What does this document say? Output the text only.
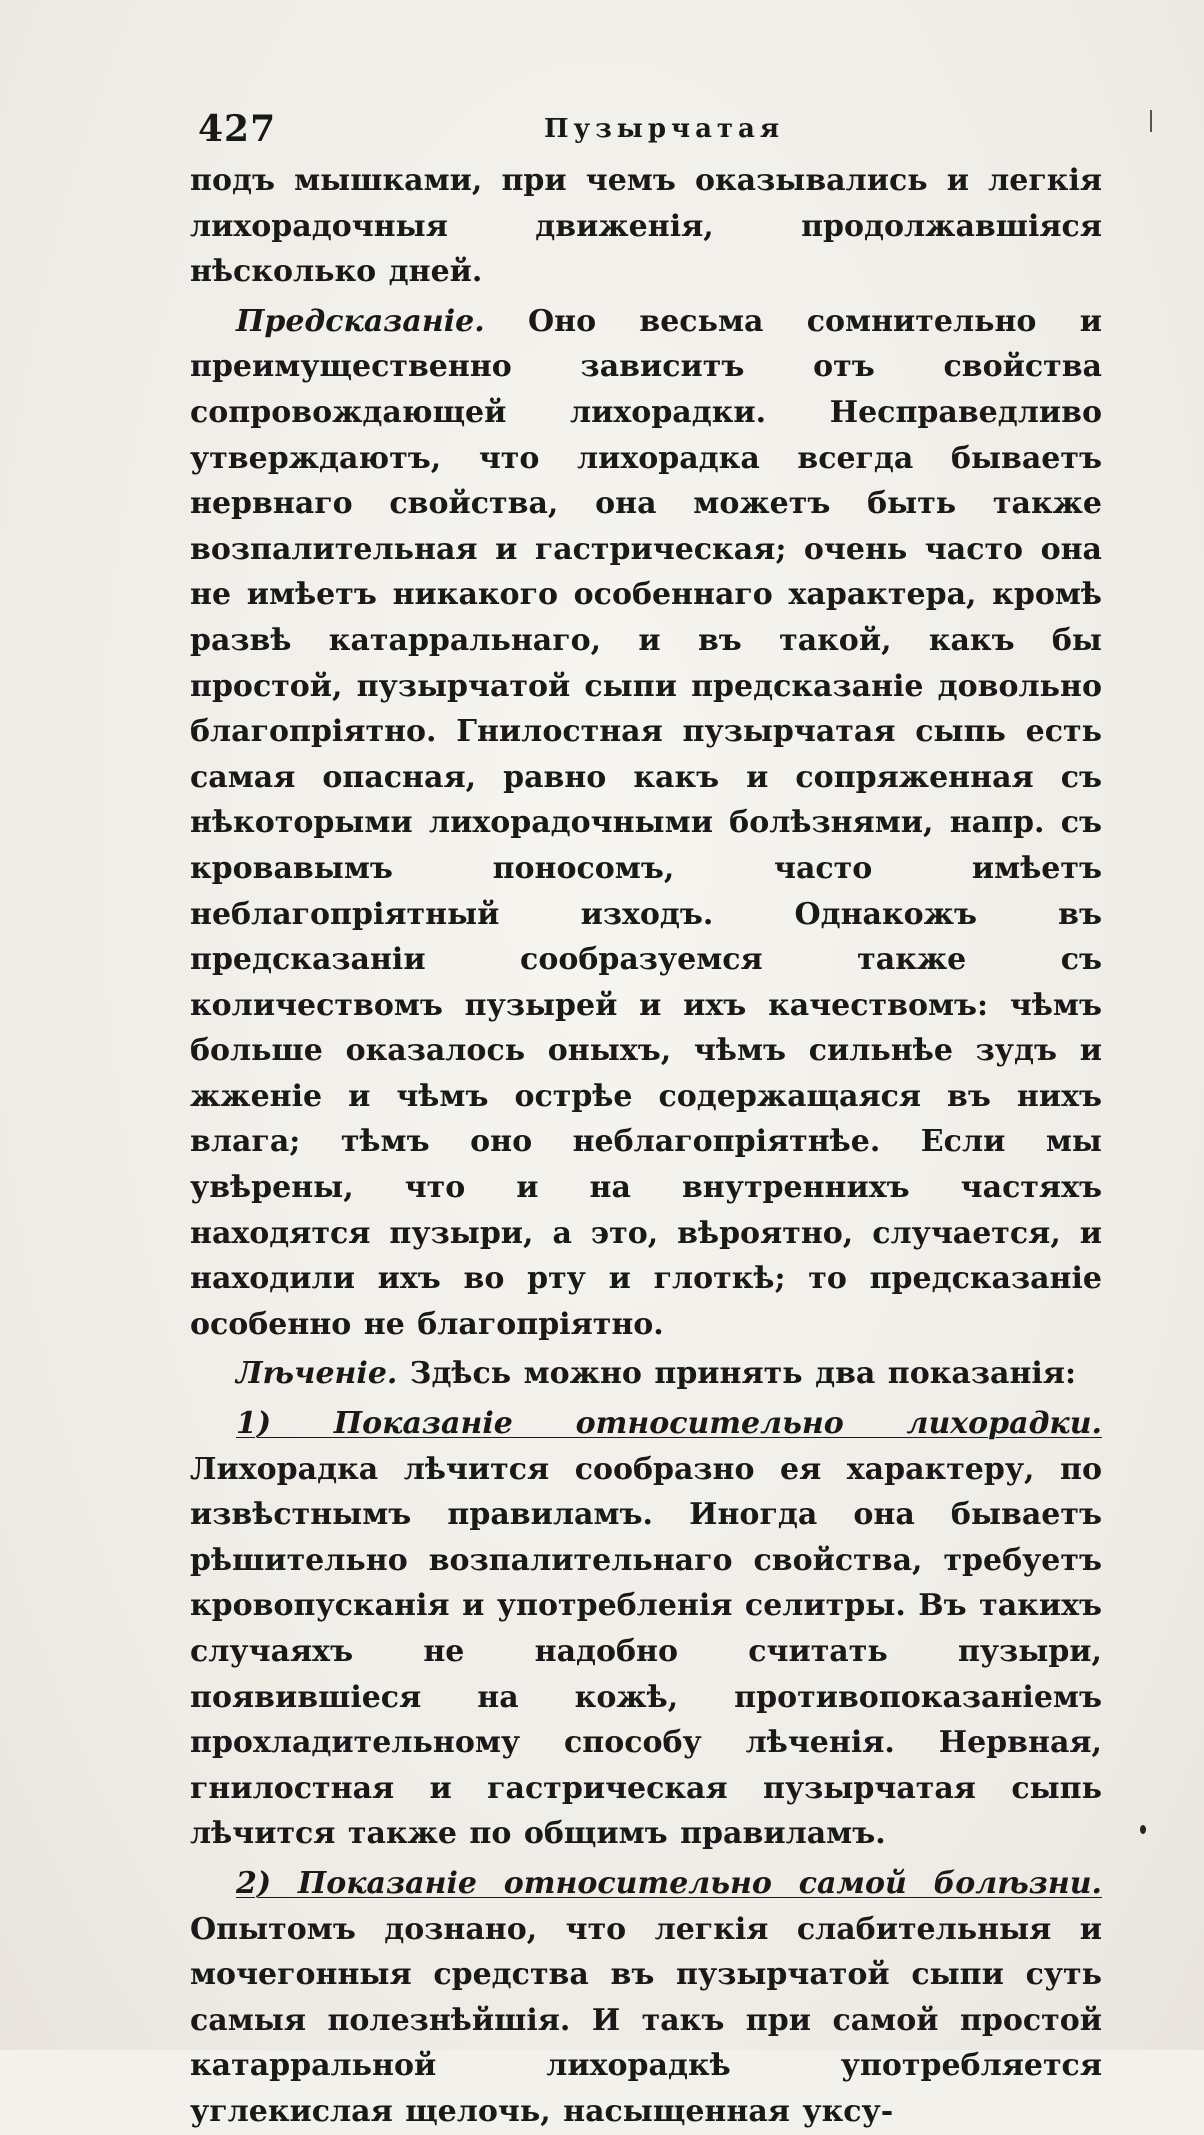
427	Пузырчатая

подъ мышками, при чемъ оказывались и легкія лихорадочныя движенія, продолжавшіяся нѣсколько дней.

Предсказаніе. Оно весьма сомнительно и преимущественно зависитъ отъ свойства сопровождающей лихорадки. Несправедливо утверждаютъ, что лихорадка всегда бываетъ нервнаго свойства, она можетъ быть также возпалительная и гастрическая; очень часто она не имѣетъ никакого особеннаго характера, кромѣ развѣ катарральнаго, и въ такой, какъ бы простой, пузырчатой сыпи предсказаніе довольно благопріятно. Гнилостная пузырчатая сыпь есть самая опасная, равно какъ и сопряженная съ нѣкоторыми лихорадочными болѣзнями, напр. съ кровавымъ поносомъ, часто имѣетъ неблагопріятный изходъ. Однакожъ въ предсказаніи сообразуемся также съ количествомъ пузырей и ихъ качествомъ: чѣмъ больше оказалось оныхъ, чѣмъ сильнѣе зудъ и жженіе и чѣмъ острѣе содержащаяся въ нихъ влага; тѣмъ оно неблагопріятнѣе. Если мы увѣрены, что и на внутреннихъ частяхъ находятся пузыри, а это, вѣроятно, случается, и находили ихъ во рту и глоткѣ; то предсказаніе особенно не благопріятно.

Лѣченіе. Здѣсь можно принять два показанія:

1) Показаніе относительно лихорадки. Лихорадка лѣчится сообразно ея характеру, по извѣстнымъ правиламъ. Иногда она бываетъ рѣшительно возпалительнаго свойства, требуетъ кровопусканія и употребленія селитры. Въ такихъ случаяхъ не надобно считать пузыри, появившіеся на кожѣ, противопоказаніемъ прохладительному способу лѣченія. Нервная, гнилостная и гастрическая пузырчатая сыпь лѣчится также по общимъ правиламъ.

2) Показаніе относительно самой болѣзни. Опытомъ дознано, что легкія слабительныя и мочегонныя средства въ пузырчатой сыпи суть самыя полезнѣйшія. И такъ при самой простой катарральной лихорадкѣ употребляется углекислая щелочь, насыщенная уксу-
